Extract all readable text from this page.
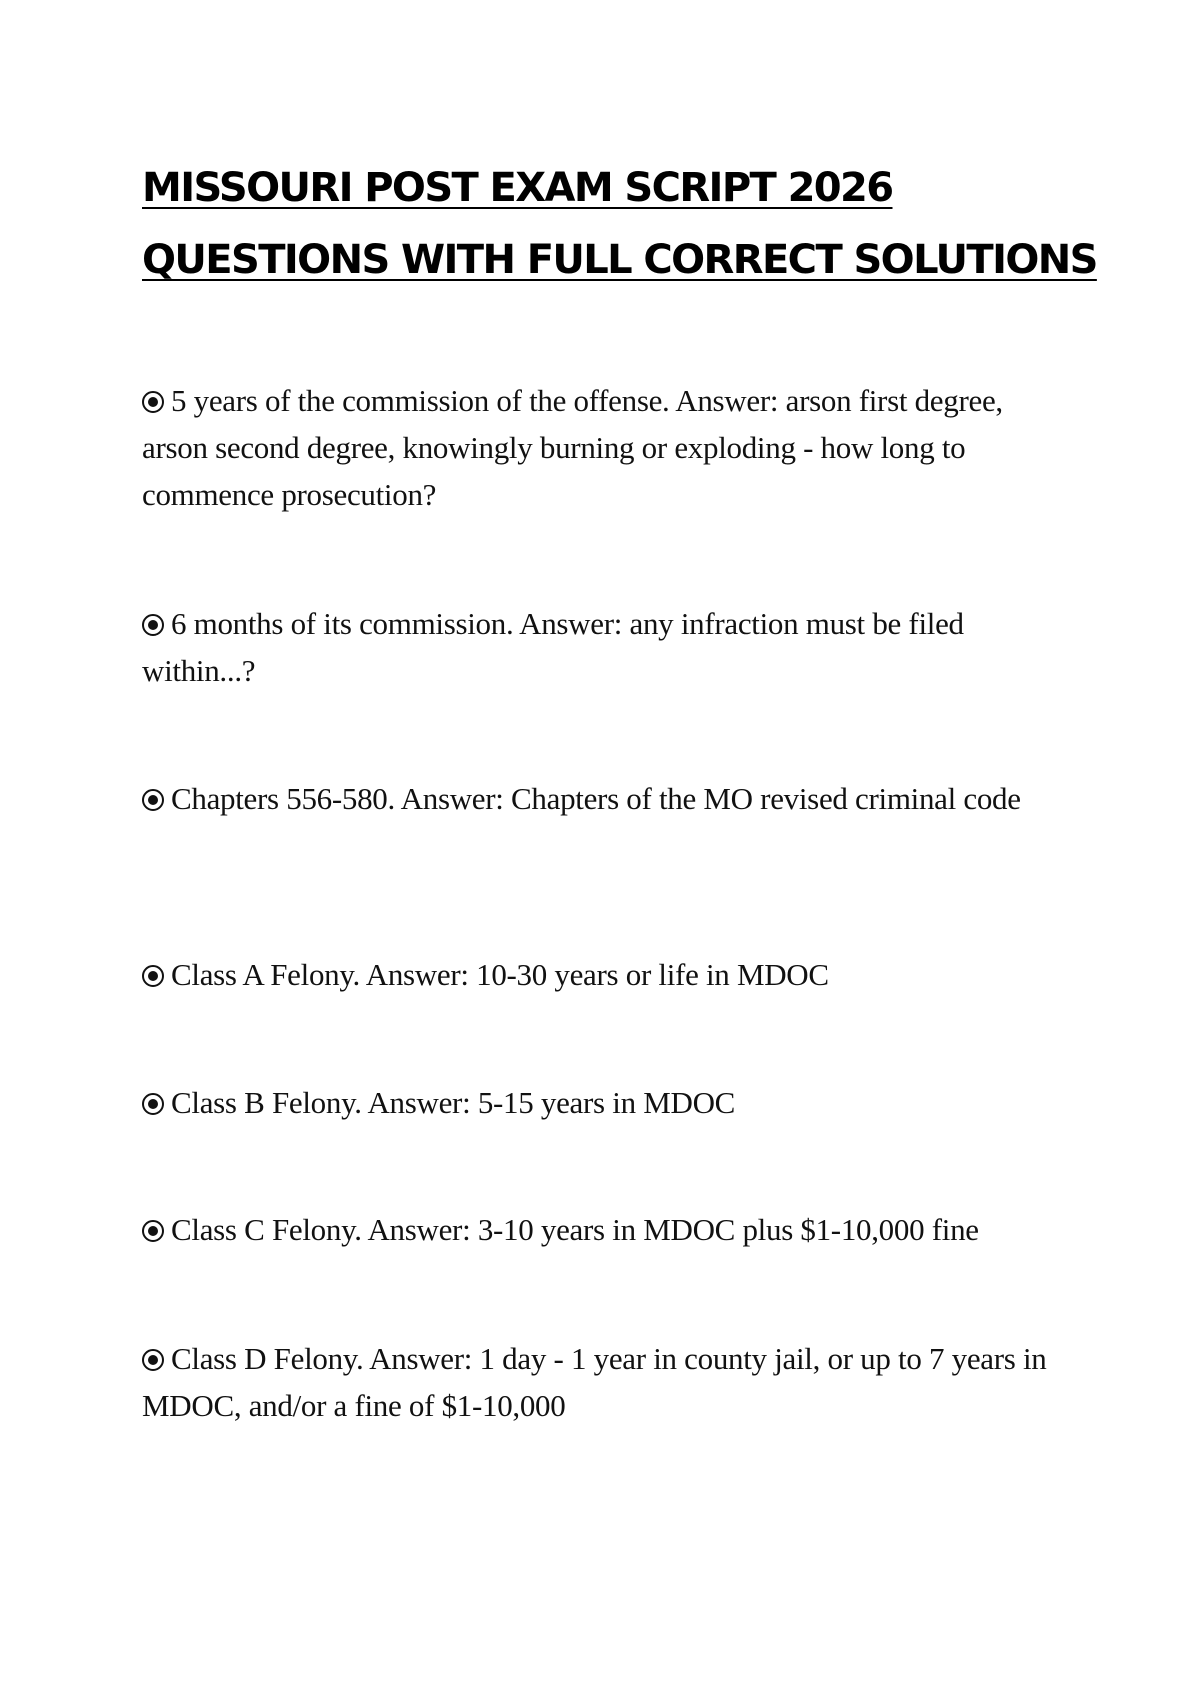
MISSOURI POST EXAM SCRIPT 2026
QUESTIONS WITH FULL CORRECT SOLUTIONS

5 years of the commission of the offense. Answer: arson first degree, arson second degree, knowingly burning or exploding - how long to commence prosecution?

6 months of its commission. Answer: any infraction must be filed within...?

Chapters 556-580. Answer: Chapters of the MO revised criminal code

Class A Felony. Answer: 10-30 years or life in MDOC

Class B Felony. Answer: 5-15 years in MDOC

Class C Felony. Answer: 3-10 years in MDOC plus $1-10,000 fine

Class D Felony. Answer: 1 day - 1 year in county jail, or up to 7 years in MDOC, and/or a fine of $1-10,000
